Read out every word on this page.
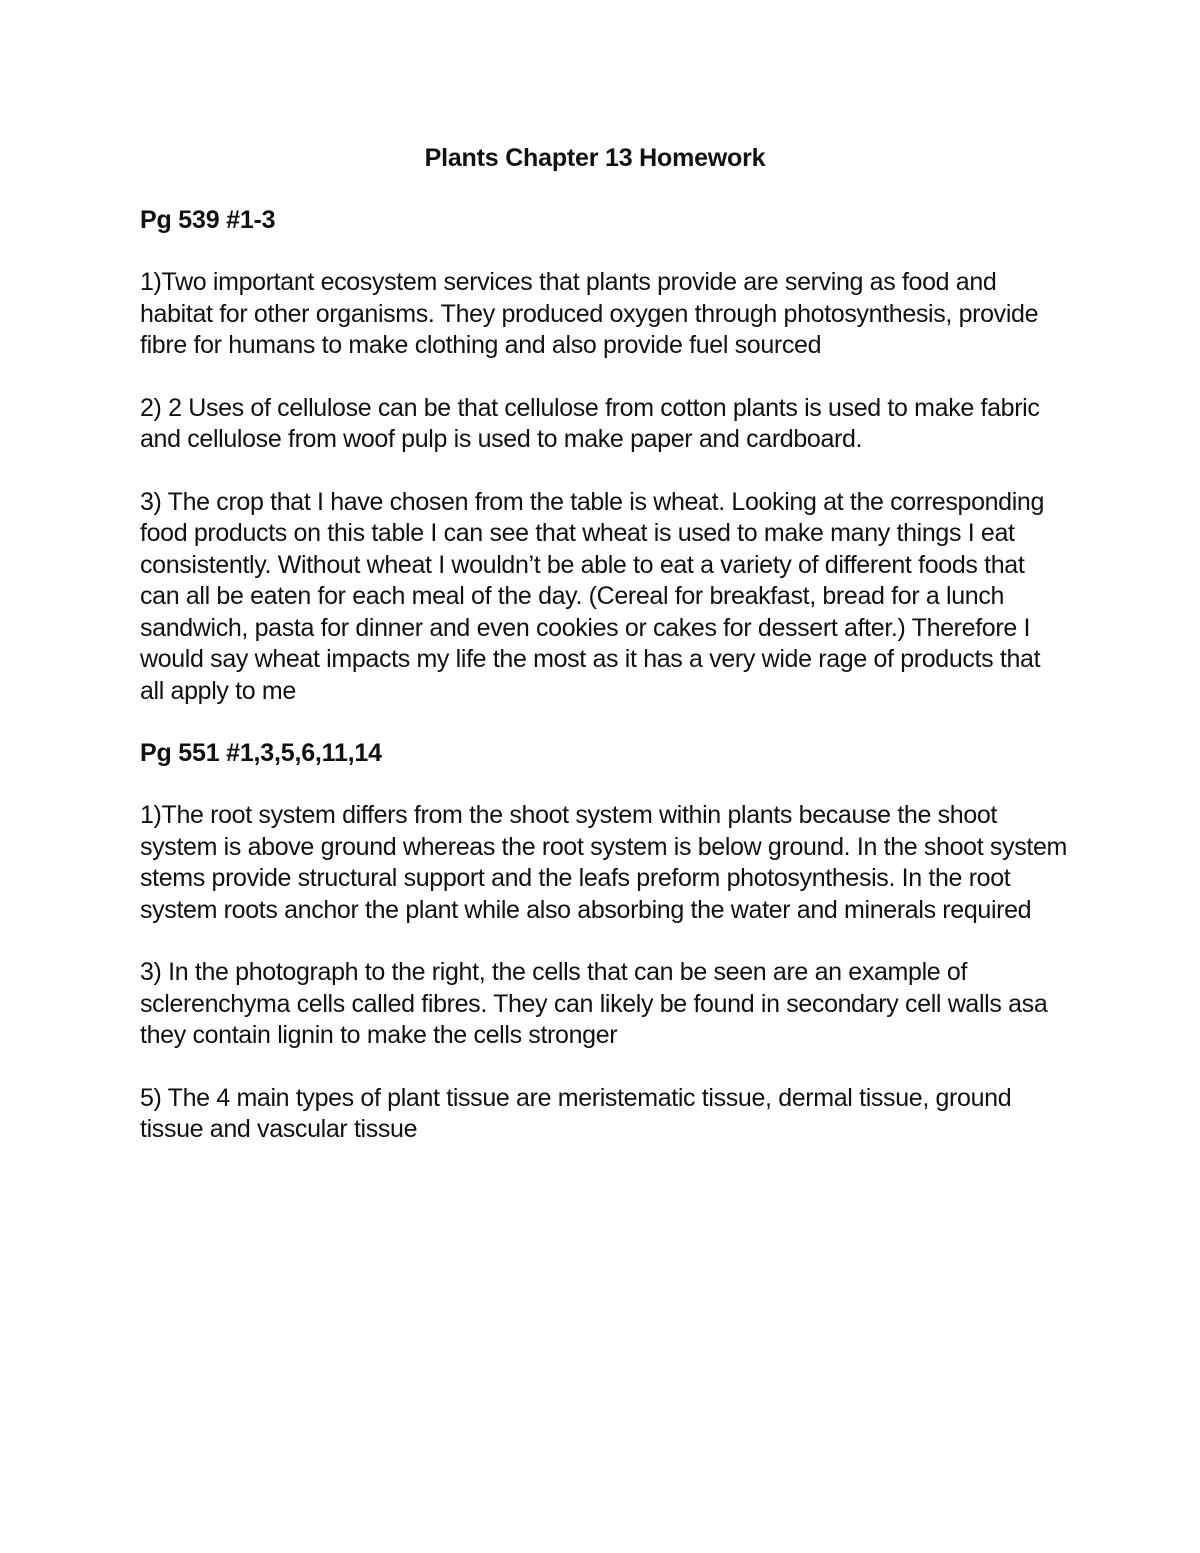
Plants Chapter 13 Homework
Pg 539 #1-3

1)Two important ecosystem services that plants provide are serving as food and habitat for other organisms. They produced oxygen through photosynthesis, provide fibre for humans to make clothing and also provide fuel sourced

2) 2 Uses of cellulose can be that cellulose from cotton plants is used to make fabric and cellulose from woof pulp is used to make paper and cardboard.

3) The crop that I have chosen from the table is wheat. Looking at the corresponding food products on this table I can see that wheat is used to make many things I eat consistently. Without wheat I wouldn’t be able to eat a variety of different foods that can all be eaten for each meal of the day. (Cereal for breakfast, bread for a lunch sandwich, pasta for dinner and even cookies or cakes for dessert after.) Therefore I would say wheat impacts my life the most as it has a very wide rage of products that all apply to me

Pg 551 #1,3,5,6,11,14

1)The root system differs from the shoot system within plants because the shoot system is above ground whereas the root system is below ground. In the shoot system stems provide structural support and the leafs preform photosynthesis. In the root system roots anchor the plant while also absorbing the water and minerals required

3) In the photograph to the right, the cells that can be seen are an example of sclerenchyma cells called fibres. They can likely be found in secondary cell walls asa they contain lignin to make the cells stronger

5) The 4 main types of plant tissue are meristematic tissue, dermal tissue, ground tissue and vascular tissue
